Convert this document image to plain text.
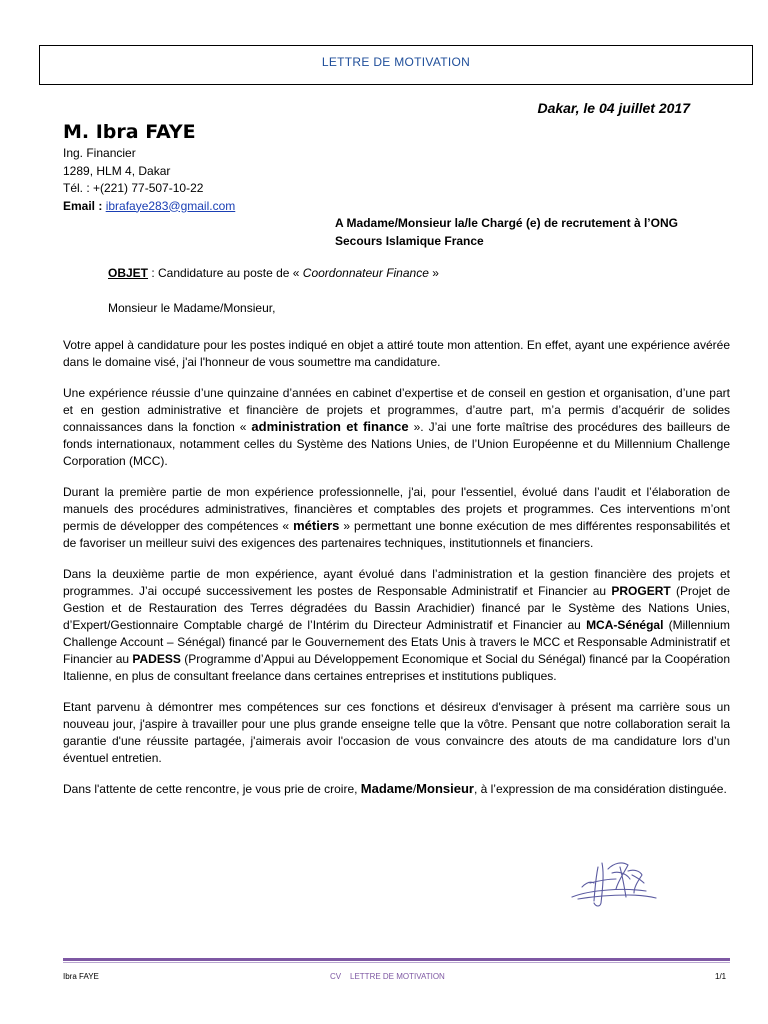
LETTRE DE MOTIVATION
Dakar, le 04 juillet 2017
M. Ibra FAYE
Ing. Financier
1289, HLM 4, Dakar
Tél. : +(221) 77-507-10-22
Email : ibrafaye283@gmail.com
A Madame/Monsieur la/le Chargé (e) de recrutement à l’ONG
Secours Islamique France
OBJET : Candidature au poste de « Coordonnateur Finance »
Monsieur le Madame/Monsieur,

Votre appel à candidature pour les postes indiqué en objet a attiré toute mon attention. En effet, ayant une expérience avérée dans le domaine visé, j'ai l'honneur de vous soumettre ma candidature.

Une expérience réussie d’une quinzaine d’années en cabinet d’expertise et de conseil en gestion et organisation, d’une part et en gestion administrative et financière de projets et programmes, d’autre part, m’a permis d’acquérir de solides connaissances dans la fonction « administration et finance ». J’ai une forte maîtrise des procédures des bailleurs de fonds internationaux, notamment celles du Système des Nations Unies, de l’Union Européenne et du Millennium Challenge Corporation (MCC).

Durant la première partie de mon expérience professionnelle, j'ai, pour l'essentiel, évolué dans l’audit et l’élaboration de manuels des procédures administratives, financières et comptables des projets et programmes. Ces interventions m’ont permis de développer des compétences « métiers » permettant une bonne exécution de mes différentes responsabilités et de favoriser un meilleur suivi des exigences des partenaires techniques, institutionnels et financiers.

Dans la deuxième partie de mon expérience, ayant évolué dans l’administration et la gestion financière des projets et programmes. J’ai occupé successivement les postes de Responsable Administratif et Financier au PROGERT (Projet de Gestion et de Restauration des Terres dégradées du Bassin Arachidier) financé par le Système des Nations Unies, d’Expert/Gestionnaire Comptable chargé de l’Intérim du Directeur Administratif et Financier au MCA-Sénégal (Millennium Challenge Account – Sénégal) financé par le Gouvernement des Etats Unis à travers le MCC et Responsable Administratif et Financier au PADESS (Programme d’Appui au Développement Economique et Social du Sénégal) financé par la Coopération Italienne, en plus de consultant freelance dans certaines entreprises et institutions publiques.

Etant parvenu à démontrer mes compétences sur ces fonctions et désireux d'envisager à présent ma carrière sous un nouveau jour, j'aspire à travailler pour une plus grande enseigne telle que la vôtre. Pensant que notre collaboration serait la garantie d'une réussite partagée, j'aimerais avoir l'occasion de vous convaincre des atouts de ma candidature lors d’un éventuel entretien.

Dans l'attente de cette rencontre, je vous prie de croire, Madame/Monsieur, à l’expression de ma considération distinguée.

Ibra FAYE	CV    LETTRE DE MOTIVATION	1/1
